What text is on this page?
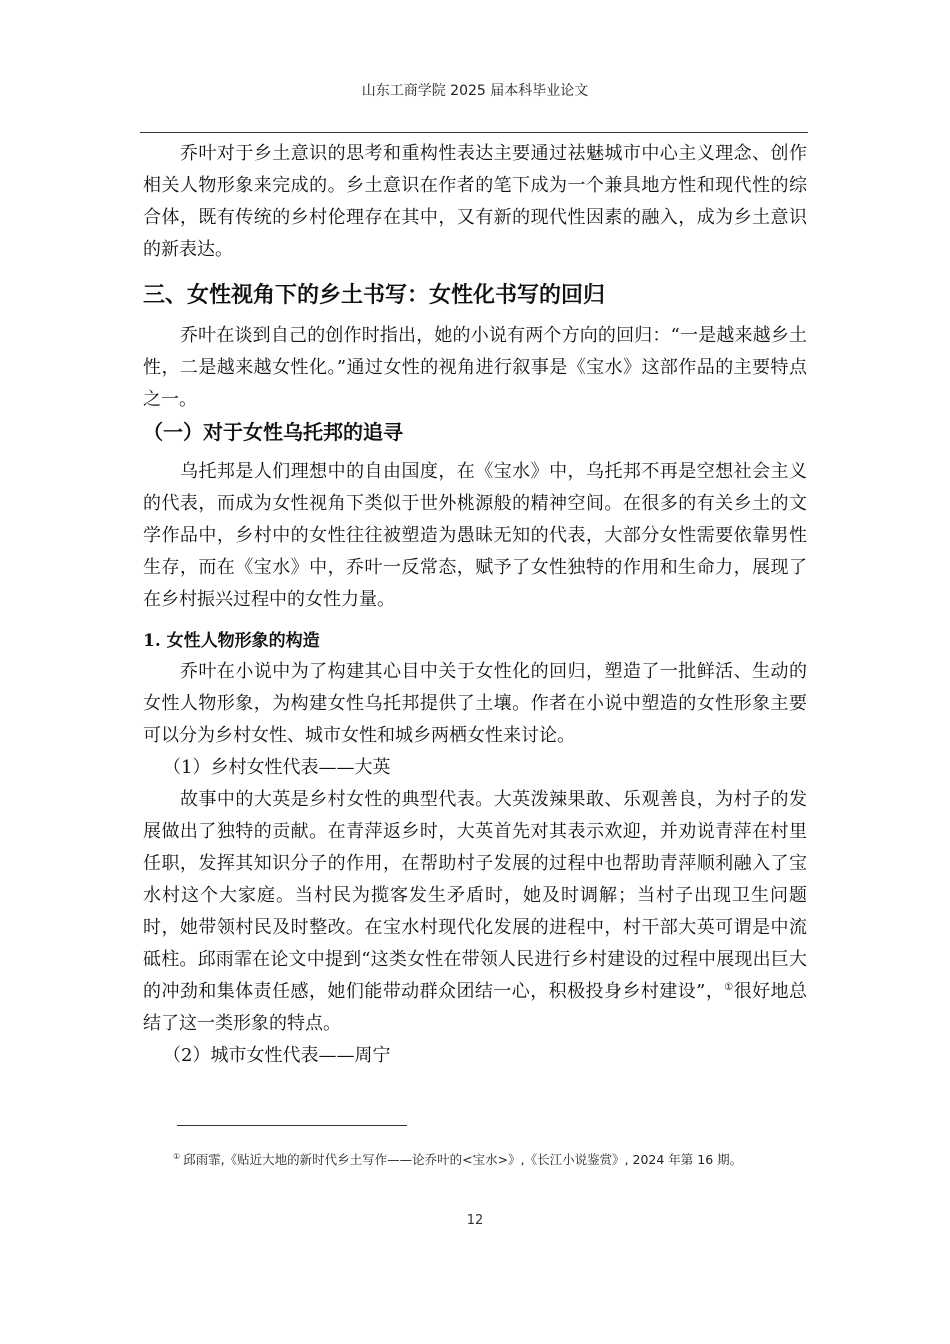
山东工商学院 2025 届本科毕业论文

乔叶对于乡土意识的思考和重构性表达主要通过祛魅城市中心主义理念、创作相关人物形象来完成的。乡土意识在作者的笔下成为一个兼具地方性和现代性的综合体，既有传统的乡村伦理存在其中，又有新的现代性因素的融入，成为乡土意识的新表达。

三、女性视角下的乡土书写：女性化书写的回归

乔叶在谈到自己的创作时指出，她的小说有两个方向的回归：“一是越来越乡土性，二是越来越女性化。”通过女性的视角进行叙事是《宝水》这部作品的主要特点之一。

（一）对于女性乌托邦的追寻

乌托邦是人们理想中的自由国度，在《宝水》中，乌托邦不再是空想社会主义的代表，而成为女性视角下类似于世外桃源般的精神空间。在很多的有关乡土的文学作品中，乡村中的女性往往被塑造为愚昧无知的代表，大部分女性需要依靠男性生存，而在《宝水》中，乔叶一反常态，赋予了女性独特的作用和生命力，展现了在乡村振兴过程中的女性力量。

1. 女性人物形象的构造

乔叶在小说中为了构建其心目中关于女性化的回归，塑造了一批鲜活、生动的女性人物形象，为构建女性乌托邦提供了土壤。作者在小说中塑造的女性形象主要可以分为乡村女性、城市女性和城乡两栖女性来讨论。

（1）乡村女性代表——大英

故事中的大英是乡村女性的典型代表。大英泼辣果敢、乐观善良，为村子的发展做出了独特的贡献。在青萍返乡时，大英首先对其表示欢迎，并劝说青萍在村里任职，发挥其知识分子的作用，在帮助村子发展的过程中也帮助青萍顺利融入了宝水村这个大家庭。当村民为揽客发生矛盾时，她及时调解；当村子出现卫生问题时，她带领村民及时整改。在宝水村现代化发展的进程中，村干部大英可谓是中流砥柱。邱雨霏在论文中提到“这类女性在带领人民进行乡村建设的过程中展现出巨大的冲劲和集体责任感，她们能带动群众团结一心，积极投身乡村建设”，①很好地总结了这一类形象的特点。

（2）城市女性代表——周宁

① 邱雨霏,《贴近大地的新时代乡土写作——论乔叶的<宝水>》,《长江小说鉴赏》, 2024 年第 16 期。
12
